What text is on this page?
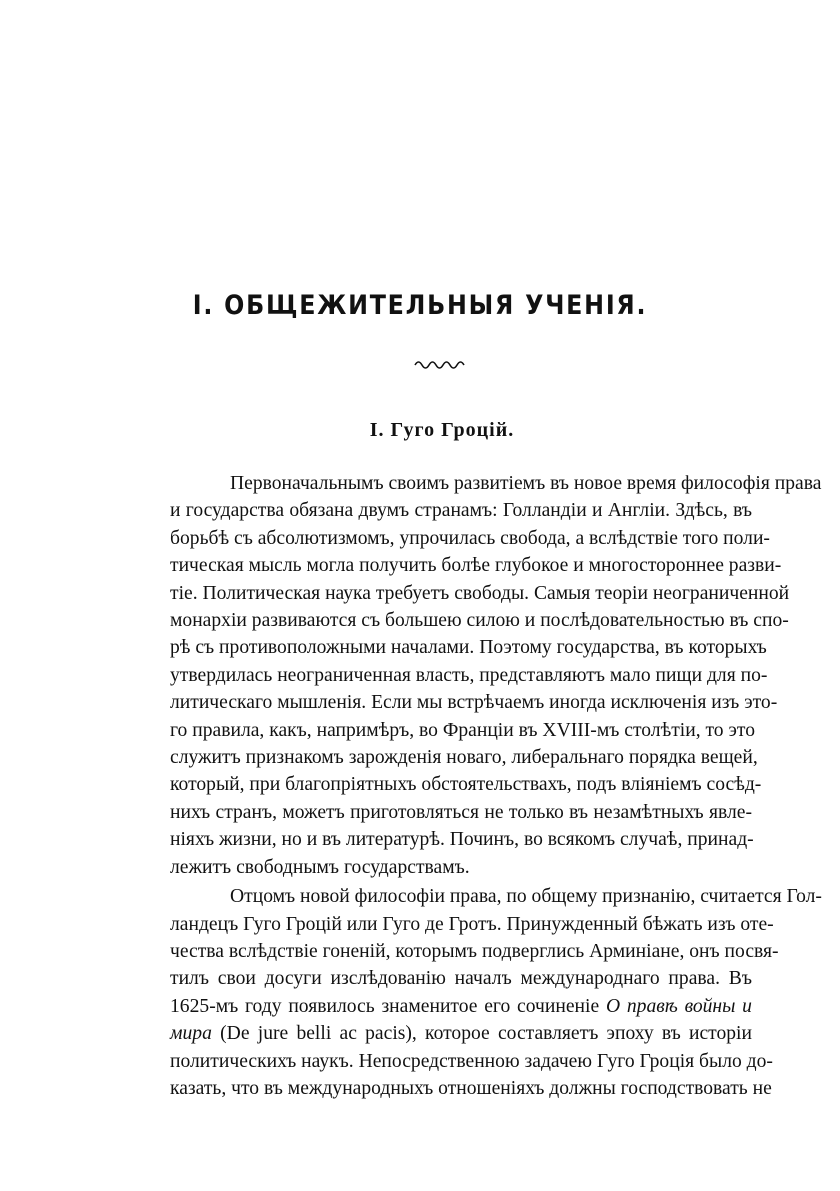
I. ОБЩЕЖИТЕЛЬНЫЯ УЧЕНІЯ.
I. Гуго Гроцій.

Первоначальнымъ своимъ развитіемъ въ новое время философія права
и государства обязана двумъ странамъ: Голландіи и Англіи. Здѣсь, въ
борьбѣ съ абсолютизмомъ, упрочилась свобода, а вслѣдствіе того поли-
тическая мысль могла получить болѣе глубокое и многостороннее разви-
тіе. Политическая наука требуетъ свободы. Самыя теоріи неограниченной
монархіи развиваются съ большею силою и послѣдовательностью въ спо-
рѣ съ противоположными началами. Поэтому государства, въ которыхъ
утвердилась неограниченная власть, представляютъ мало пищи для по-
литическаго мышленія. Если мы встрѣчаемъ иногда исключенія изъ это-
го правила, какъ, напримѣръ, во Франціи въ XVIII-мъ столѣтіи, то это
служитъ признакомъ зарожденія новаго, либеральнаго порядка вещей,
который, при благопріятныхъ обстоятельствахъ, подъ вліяніемъ сосѣд-
нихъ странъ, можетъ приготовляться не только въ незамѣтныхъ явле-
ніяхъ жизни, но и въ литературѣ. Починъ, во всякомъ случаѣ, принад-
лежитъ свободнымъ государствамъ.

Отцомъ новой философіи права, по общему признанію, считается Гол-
ландецъ Гуго Гроцій или Гуго де Гротъ. Принужденный бѣжать изъ оте-
чества вслѣдствіе гоненій, которымъ подверглись Арминіане, онъ посвя-
тилъ свои досуги изслѣдованію началъ международнаго права. Въ
1625-мъ году появилось знаменитое его сочиненіе О правѣ войны и
мира (De jure belli ac pacis), которое составляетъ эпоху въ исторіи
политическихъ наукъ. Непосредственною задачею Гуго Гроція было до-
казать, что въ международныхъ отношеніяхъ должны господствовать не
